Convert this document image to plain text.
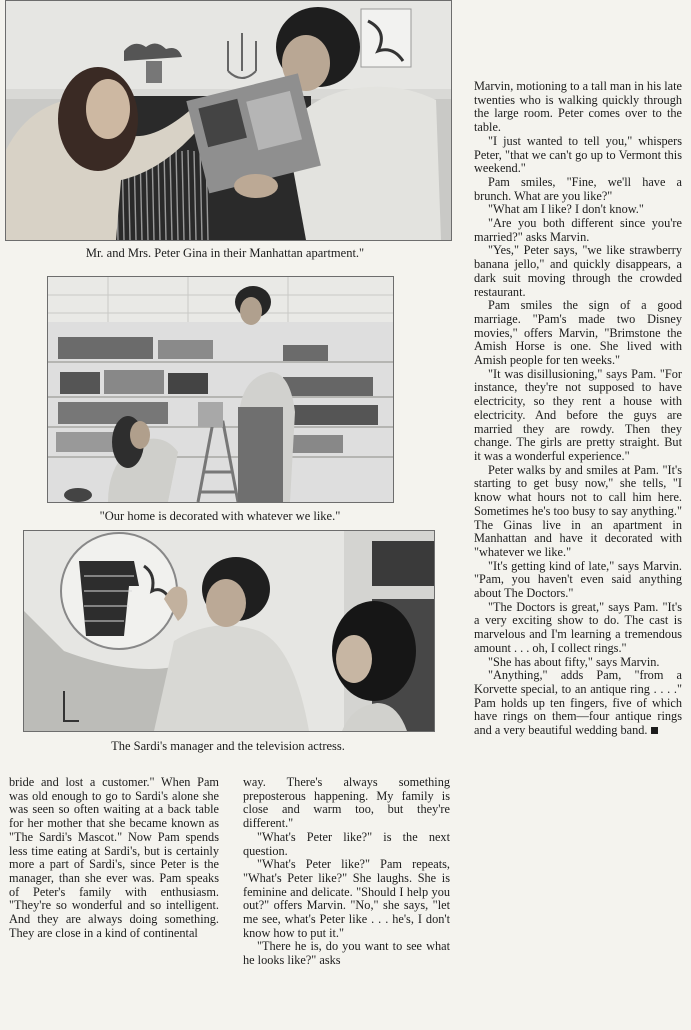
Mr. and Mrs. Peter Gina in their Manhattan apartment."
"Our home is decorated with whatever we like."
The Sardi's manager and the television actress.

bride and lost a customer." When Pam was old enough to go to Sardi's alone she was seen so often waiting at a back table for her mother that she became known as "The Sardi's Mascot." Now Pam spends less time eating at Sardi's, but is certainly more a part of Sardi's, since Peter is the manager, than she ever was. Pam speaks of Peter's family with enthusiasm. "They're so wonderful and so intelligent. And they are always doing something. They are close in a kind of continental

way. There's always something preposterous happening. My family is close and warm too, but they're different."

"What's Peter like?" is the next question.

"What's Peter like?" Pam repeats, "What's Peter like?" She laughs. She is feminine and delicate. "Should I help you out?" offers Marvin. "No," she says, "let me see, what's Peter like . . . he's, I don't know how to put it."

"There he is, do you want to see what he looks like?" asks

Marvin, motioning to a tall man in his late twenties who is walking quickly through the large room. Peter comes over to the table.

"I just wanted to tell you," whispers Peter, "that we can't go up to Vermont this weekend."

Pam smiles, "Fine, we'll have a brunch. What are you like?"

"What am I like? I don't know."

"Are you both different since you're married?" asks Marvin.

"Yes," Peter says, "we like strawberry banana jello," and quickly disappears, a dark suit moving through the crowded restaurant.

Pam smiles the sign of a good marriage. "Pam's made two Disney movies," offers Marvin, "Brimstone the Amish Horse is one. She lived with Amish people for ten weeks."

"It was disillusioning," says Pam. "For instance, they're not supposed to have electricity, so they rent a house with electricity. And before the guys are married they are rowdy. Then they change. The girls are pretty straight. But it was a wonderful experience."

Peter walks by and smiles at Pam. "It's starting to get busy now," she tells, "I know what hours not to call him here. Sometimes he's too busy to say anything." The Ginas live in an apartment in Manhattan and have it decorated with "whatever we like."

"It's getting kind of late," says Marvin. "Pam, you haven't even said anything about The Doctors."

"The Doctors is great," says Pam. "It's a very exciting show to do. The cast is marvelous and I'm learning a tremendous amount . . . oh, I collect rings."

"She has about fifty," says Marvin.

"Anything," adds Pam, "from a Korvette special, to an antique ring . . . ." Pam holds up ten fingers, five of which have rings on them—four antique rings and a very beautiful wedding band.
